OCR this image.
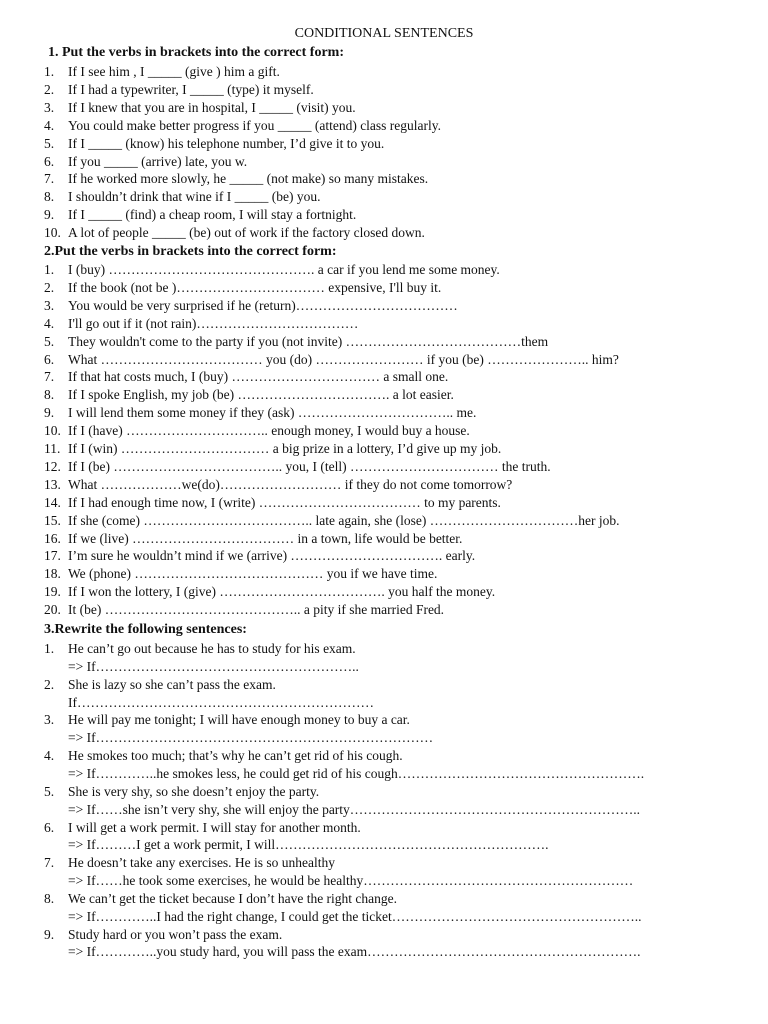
CONDITIONAL SENTENCES
1. Put the verbs in brackets into the correct form:
1. If I see him , I _____ (give ) him a gift.
2. If I had a typewriter, I _____ (type) it myself.
3. If I knew that you are in hospital, I _____ (visit) you.
4. You could make better progress if you _____ (attend) class regularly.
5. If I _____ (know) his telephone number, I’d give it to you.
6. If you _____ (arrive) late, you w.
7. If he worked more slowly, he _____ (not make) so many mistakes.
8. I shouldn’t drink that wine if I _____ (be) you.
9. If I _____ (find) a cheap room, I will stay a fortnight.
10. A lot of people _____ (be) out of work if the factory closed down.
2.Put the verbs in brackets into the correct form:
1. I (buy) ………………………………………. a car if you lend me some money.
2. If the book (not be )…………………………… expensive, I'll buy it.
3. You would be very surprised if he (return)………………………………
4. I'll go out if it (not rain)………………………………
5. They wouldn't come to the party if you (not invite) …………………………………them
6. What ……………………………… you (do) …………………… if you (be) ………………….. him?
7. If that hat costs much, I (buy) …………………………… a small one.
8. If I spoke English, my job (be) ……………………………. a lot easier.
9. I will lend them some money if they (ask) …………………………….. me.
10. If I (have) ………………………….. enough money, I would buy a house.
11. If I (win) …………………………… a big prize in a lottery, I’d give up my job.
12. If I (be) ……………………………….. you, I (tell) …………………………… the truth.
13. What ………………we(do)……………………… if they do not come tomorrow?
14. If I had enough time now, I (write) ……………………………… to my parents.
15. If she (come) ……………………………….. late again, she (lose) ……………………………her job.
16. If we (live) ……………………………… in a town, life would be better.
17. I’m sure he wouldn’t mind if we (arrive) ……………………………. early.
18. We (phone) …………………………………… you if we have time.
19. If I won the lottery, I (give) ………………………………. you half the money.
20. It (be) …………………………………….. a pity if she married Fred.
3.Rewrite the following sentences:
1. He can’t go out because he has to study for his exam.
=> If…………………………………………………..
2. She is lazy so she can’t pass the exam.
If…………………………………………………………
3. He will pay me tonight; I will have enough money to buy a car.
=> If…………………………………………………………………
4. He smokes too much; that’s why he can’t get rid of his cough.
=> If…………..he smokes less, he could get rid of his cough……………………………………………….
5. She is very shy, so she doesn’t enjoy the party.
=> If……she isn’t very shy, she will enjoy the party………………………………………………………..
6. I will get a work permit. I will stay for another month.
=> If………I get a work permit, I will…………………………………………………….
7. He doesn’t take any exercises. He is so unhealthy
=> If……he took some exercises, he would be healthy……………………………………………………
8. We can’t get the ticket because I don’t have the right change.
=> If…………..I had the right change, I could get the ticket………………………………………………..
9. Study hard or you won’t pass the exam.
=> If…………..you study hard, you will pass the exam…………………………………………………….
